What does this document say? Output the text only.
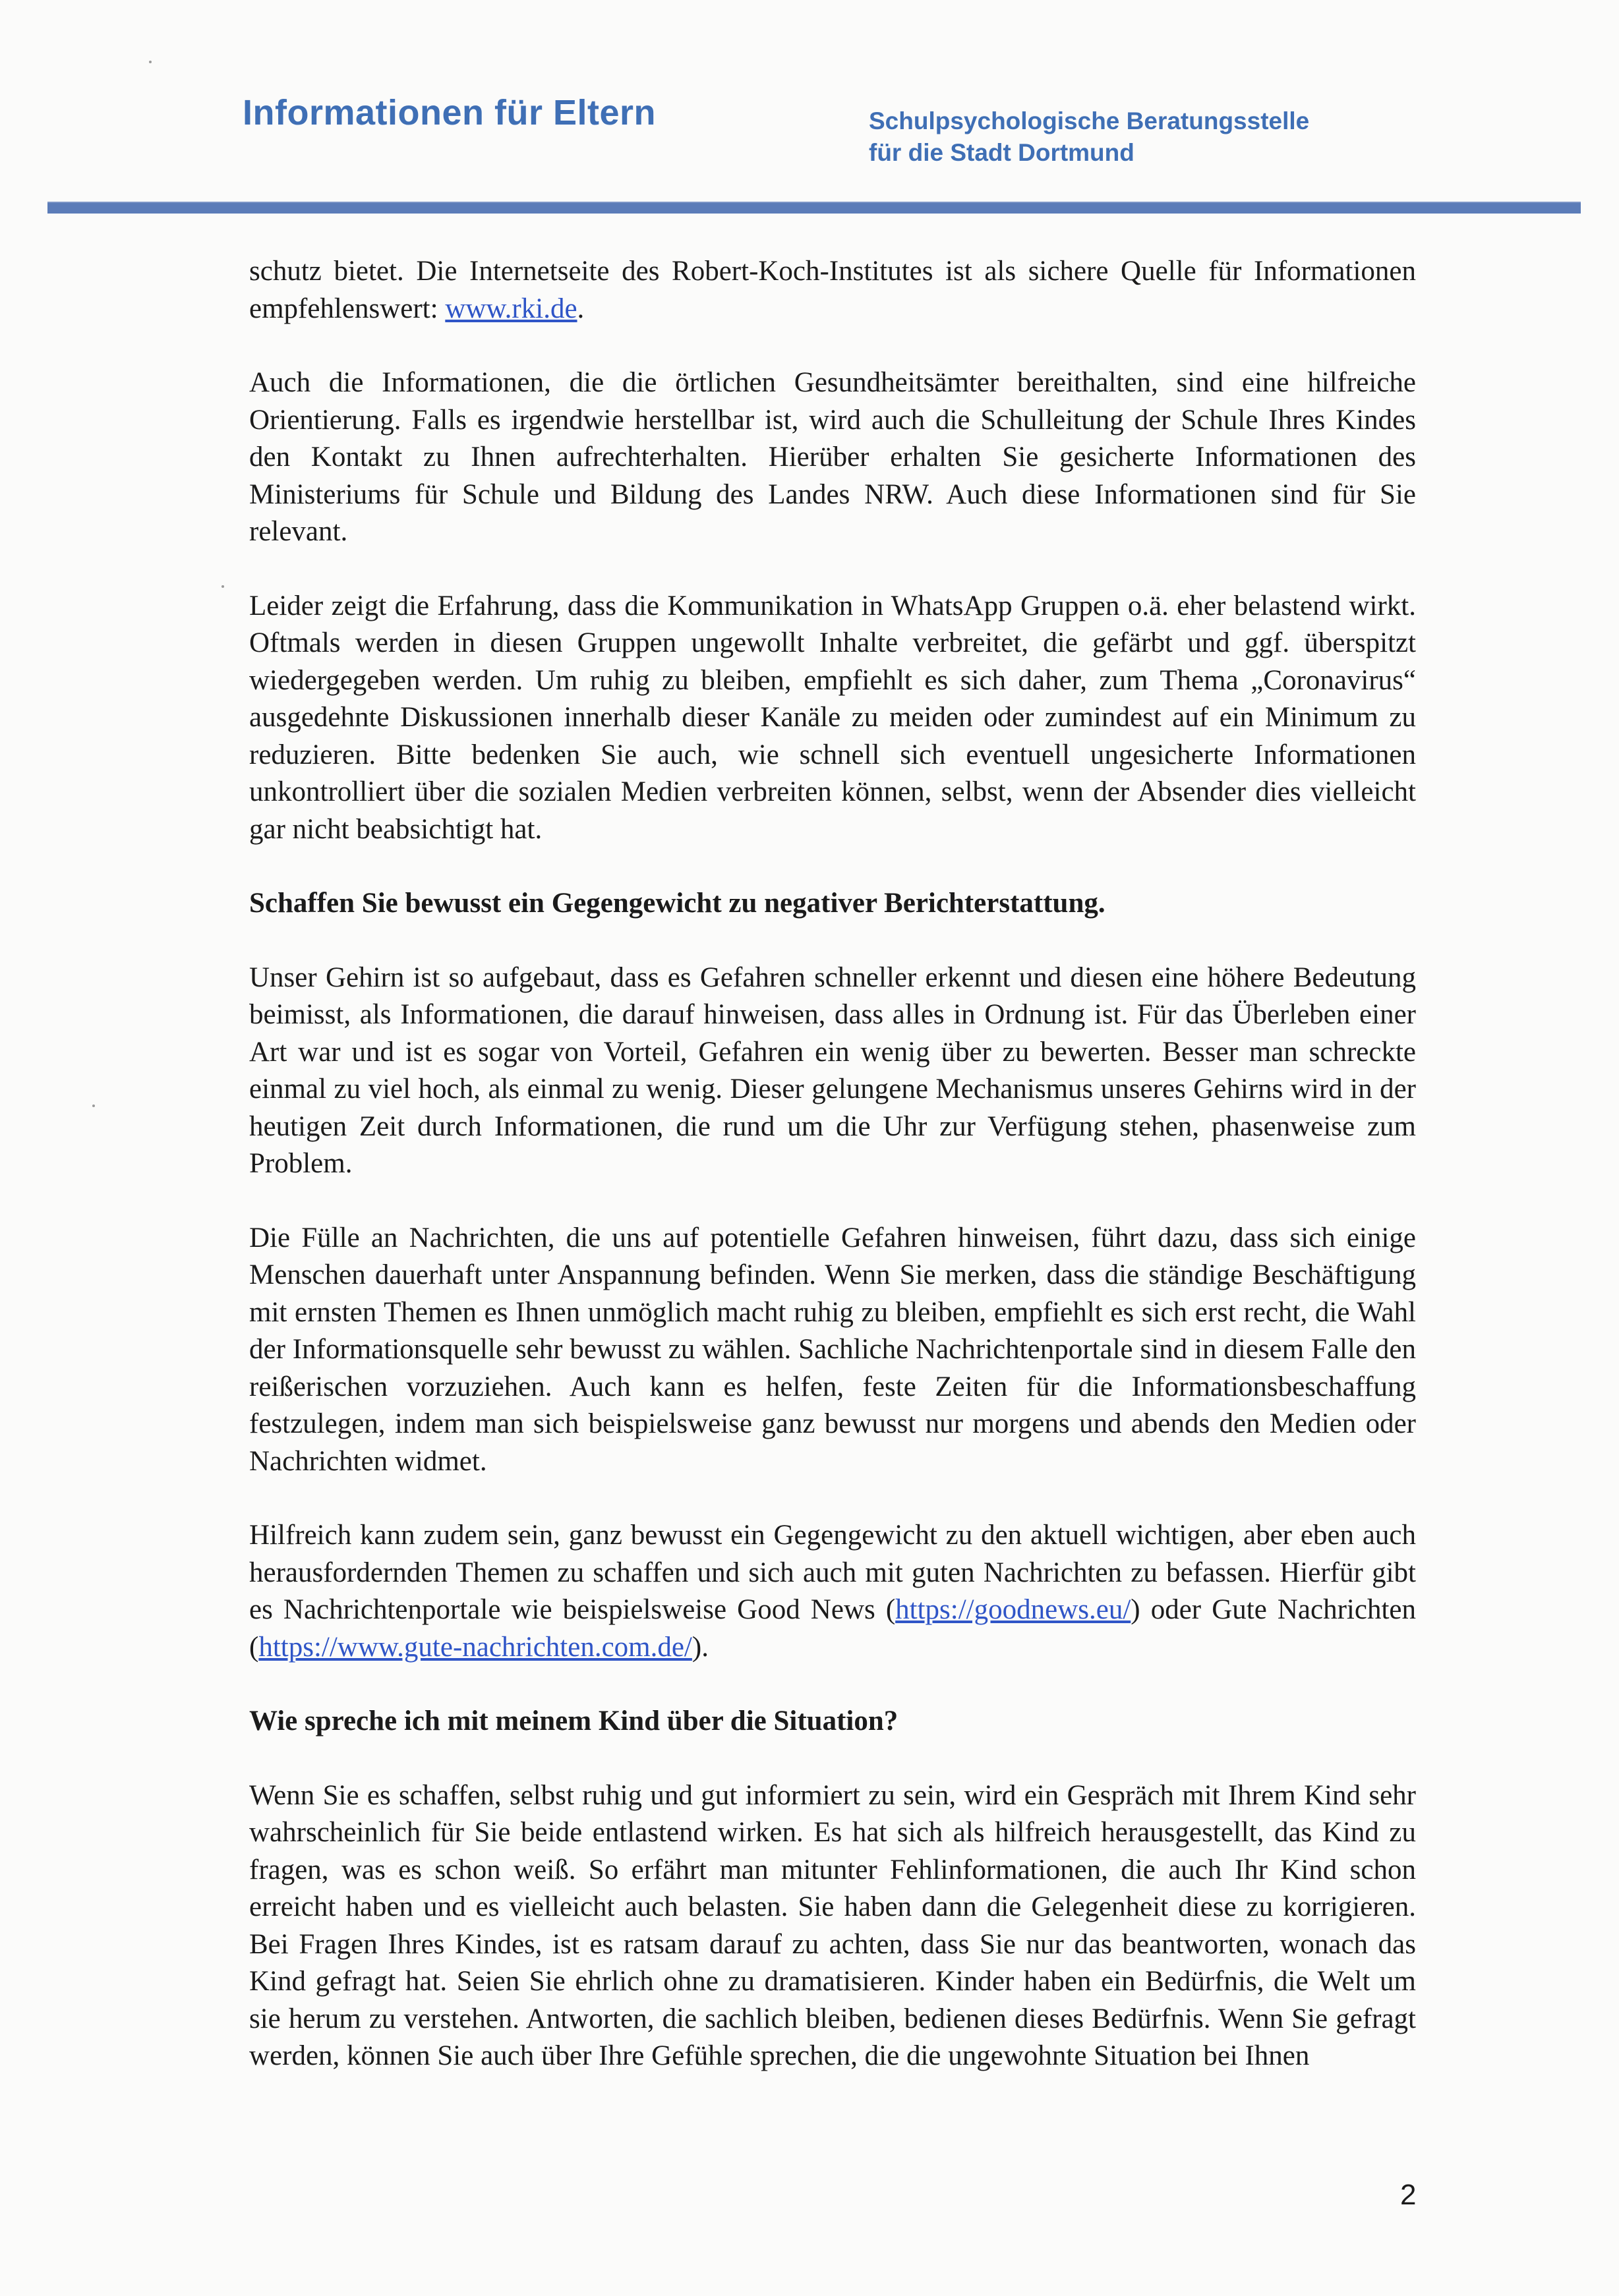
Informationen für Eltern	Schulpsychologische Beratungsstelle
für die Stadt Dortmund

schutz bietet. Die Internetseite des Robert-Koch-Institutes ist als sichere Quelle für Informationen empfehlenswert: www.rki.de.

Auch die Informationen, die die örtlichen Gesundheitsämter bereithalten, sind eine hilfreiche Orientierung. Falls es irgendwie herstellbar ist, wird auch die Schulleitung der Schule Ihres Kindes den Kontakt zu Ihnen aufrechterhalten. Hierüber erhalten Sie gesicherte Informationen des Ministeriums für Schule und Bildung des Landes NRW. Auch diese Informationen sind für Sie relevant.

Leider zeigt die Erfahrung, dass die Kommunikation in WhatsApp Gruppen o.ä. eher belastend wirkt. Oftmals werden in diesen Gruppen ungewollt Inhalte verbreitet, die gefärbt und ggf. überspitzt wiedergegeben werden. Um ruhig zu bleiben, empfiehlt es sich daher, zum Thema „Coronavirus“ ausgedehnte Diskussionen innerhalb dieser Kanäle zu meiden oder zumindest auf ein Minimum zu reduzieren. Bitte bedenken Sie auch, wie schnell sich eventuell ungesicherte Informationen unkontrolliert über die sozialen Medien verbreiten können, selbst, wenn der Absender dies vielleicht gar nicht beabsichtigt hat.

Schaffen Sie bewusst ein Gegengewicht zu negativer Berichterstattung.

Unser Gehirn ist so aufgebaut, dass es Gefahren schneller erkennt und diesen eine höhere Bedeutung beimisst, als Informationen, die darauf hinweisen, dass alles in Ordnung ist. Für das Überleben einer Art war und ist es sogar von Vorteil, Gefahren ein wenig über zu bewerten. Besser man schreckte einmal zu viel hoch, als einmal zu wenig. Dieser gelungene Mechanismus unseres Gehirns wird in der heutigen Zeit durch Informationen, die rund um die Uhr zur Verfügung stehen, phasenweise zum Problem.

Die Fülle an Nachrichten, die uns auf potentielle Gefahren hinweisen, führt dazu, dass sich einige Menschen dauerhaft unter Anspannung befinden. Wenn Sie merken, dass die ständige Beschäftigung mit ernsten Themen es Ihnen unmöglich macht ruhig zu bleiben, empfiehlt es sich erst recht, die Wahl der Informationsquelle sehr bewusst zu wählen. Sachliche Nachrichtenportale sind in diesem Falle den reißerischen vorzuziehen. Auch kann es helfen, feste Zeiten für die Informationsbeschaffung festzulegen, indem man sich beispielsweise ganz bewusst nur morgens und abends den Medien oder Nachrichten widmet.

Hilfreich kann zudem sein, ganz bewusst ein Gegengewicht zu den aktuell wichtigen, aber eben auch herausfordernden Themen zu schaffen und sich auch mit guten Nachrichten zu befassen. Hierfür gibt es Nachrichtenportale wie beispielsweise Good News (https://goodnews.eu/) oder Gute Nachrichten (https://www.gute-nachrichten.com.de/).

Wie spreche ich mit meinem Kind über die Situation?

Wenn Sie es schaffen, selbst ruhig und gut informiert zu sein, wird ein Gespräch mit Ihrem Kind sehr wahrscheinlich für Sie beide entlastend wirken. Es hat sich als hilfreich herausgestellt, das Kind zu fragen, was es schon weiß. So erfährt man mitunter Fehlinformationen, die auch Ihr Kind schon erreicht haben und es vielleicht auch belasten. Sie haben dann die Gelegenheit diese zu korrigieren. Bei Fragen Ihres Kindes, ist es ratsam darauf zu achten, dass Sie nur das beantworten, wonach das Kind gefragt hat. Seien Sie ehrlich ohne zu dramatisieren. Kinder haben ein Bedürfnis, die Welt um sie herum zu verstehen. Antworten, die sachlich bleiben, bedienen dieses Bedürfnis. Wenn Sie gefragt werden, können Sie auch über Ihre Gefühle sprechen, die die ungewohnte Situation bei Ihnen

2
